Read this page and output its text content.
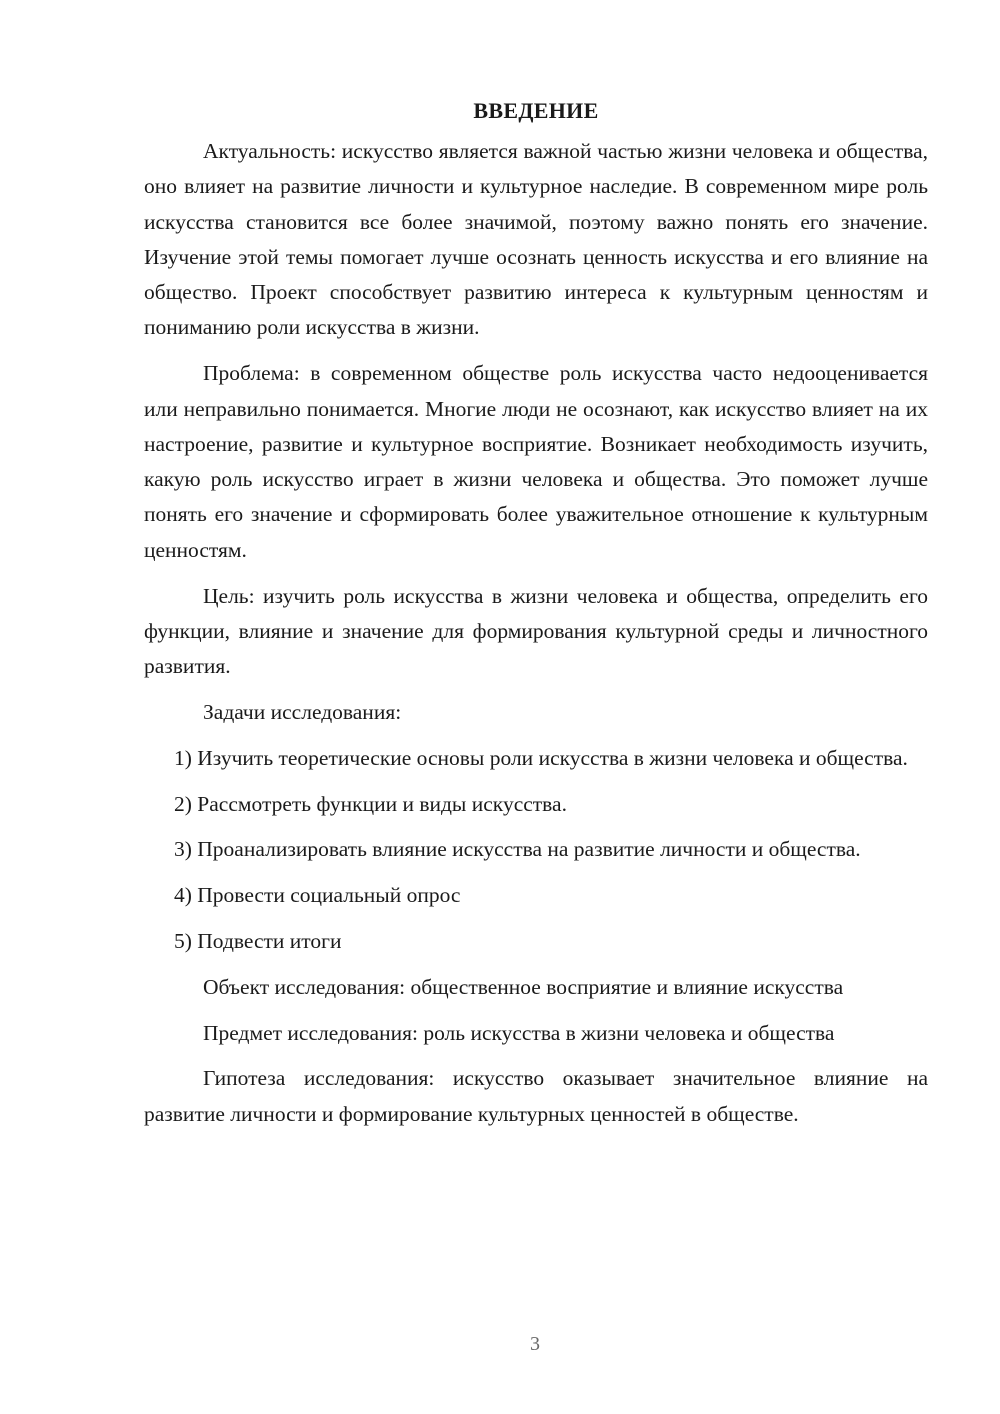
ВВЕДЕНИЕ

Актуальность: искусство является важной частью жизни человека и общества, оно влияет на развитие личности и культурное наследие. В современном мире роль искусства становится все более значимой, поэтому важно понять его значение. Изучение этой темы помогает лучше осознать ценность искусства и его влияние на общество. Проект способствует развитию интереса к культурным ценностям и пониманию роли искусства в жизни.

Проблема: в современном обществе роль искусства часто недооценивается или неправильно понимается. Многие люди не осознают, как искусство влияет на их настроение, развитие и культурное восприятие. Возникает необходимость изучить, какую роль искусство играет в жизни человека и общества. Это поможет лучше понять его значение и сформировать более уважительное отношение к культурным ценностям.

Цель: изучить роль искусства в жизни человека и общества, определить его функции, влияние и значение для формирования культурной среды и личностного развития.

Задачи исследования:

1) Изучить теоретические основы роли искусства в жизни человека и общества.

2) Рассмотреть функции и виды искусства.

3) Проанализировать влияние искусства на развитие личности и общества.

4) Провести социальный опрос

5) Подвести итоги

Объект исследования: общественное восприятие и влияние искусства

Предмет исследования: роль искусства в жизни человека и общества

Гипотеза исследования: искусство оказывает значительное влияние на развитие личности и формирование культурных ценностей в обществе.

3
